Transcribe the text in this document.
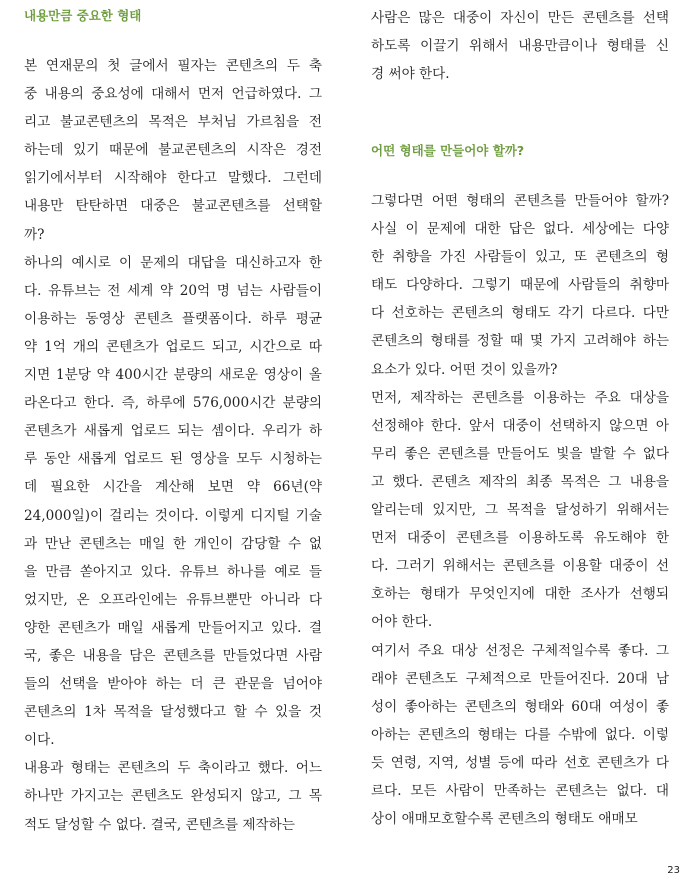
내용만큼 중요한 형태
본 연재문의 첫 글에서 필자는 콘텐츠의 두 축
중 내용의 중요성에 대해서 먼저 언급하였다. 그
리고 불교콘텐츠의 목적은 부처님 가르침을 전
하는데 있기 때문에 불교콘텐츠의 시작은 경전
읽기에서부터 시작해야 한다고 말했다. 그런데
내용만 탄탄하면 대중은 불교콘텐츠를 선택할
까?
하나의 예시로 이 문제의 대답을 대신하고자 한
다. 유튜브는 전 세계 약 20억 명 넘는 사람들이
이용하는 동영상 콘텐츠 플랫폼이다. 하루 평균
약 1억 개의 콘텐츠가 업로드 되고, 시간으로 따
지면 1분당 약 400시간 분량의 새로운 영상이 올
라온다고 한다. 즉, 하루에 576,000시간 분량의
콘텐츠가 새롭게 업로드 되는 셈이다. 우리가 하
루 동안 새롭게 업로드 된 영상을 모두 시청하는
데 필요한 시간을 계산해 보면 약 66년(약
24,000일)이 걸리는 것이다. 이렇게 디지털 기술
과 만난 콘텐츠는 매일 한 개인이 감당할 수 없
을 만큼 쏟아지고 있다. 유튜브 하나를 예로 들
었지만, 온 오프라인에는 유튜브뿐만 아니라 다
양한 콘텐츠가 매일 새롭게 만들어지고 있다. 결
국, 좋은 내용을 담은 콘텐츠를 만들었다면 사람
들의 선택을 받아야 하는 더 큰 관문을 넘어야
콘텐츠의 1차 목적을 달성했다고 할 수 있을 것
이다.
내용과 형태는 콘텐츠의 두 축이라고 했다. 어느
하나만 가지고는 콘텐츠도 완성되지 않고, 그 목
적도 달성할 수 없다. 결국, 콘텐츠를 제작하는
사람은 많은 대중이 자신이 만든 콘텐츠를 선택
하도록 이끌기 위해서 내용만큼이나 형태를 신
경 써야 한다.
어떤 형태를 만들어야 할까?
그렇다면 어떤 형태의 콘텐츠를 만들어야 할까?
사실 이 문제에 대한 답은 없다. 세상에는 다양
한 취향을 가진 사람들이 있고, 또 콘텐츠의 형
태도 다양하다. 그렇기 때문에 사람들의 취향마
다 선호하는 콘텐츠의 형태도 각기 다르다. 다만
콘텐츠의 형태를 정할 때 몇 가지 고려해야 하는
요소가 있다. 어떤 것이 있을까?
먼저, 제작하는 콘텐츠를 이용하는 주요 대상을
선정해야 한다. 앞서 대중이 선택하지 않으면 아
무리 좋은 콘텐츠를 만들어도 빛을 발할 수 없다
고 했다. 콘텐츠 제작의 최종 목적은 그 내용을
알리는데 있지만, 그 목적을 달성하기 위해서는
먼저 대중이 콘텐츠를 이용하도록 유도해야 한
다. 그러기 위해서는 콘텐츠를 이용할 대중이 선
호하는 형태가 무엇인지에 대한 조사가 선행되
어야 한다.
여기서 주요 대상 선정은 구체적일수록 좋다. 그
래야 콘텐츠도 구체적으로 만들어진다. 20대 남
성이 좋아하는 콘텐츠의 형태와 60대 여성이 좋
아하는 콘텐츠의 형태는 다를 수밖에 없다. 이렇
듯 연령, 지역, 성별 등에 따라 선호 콘텐츠가 다
르다. 모든 사람이 만족하는 콘텐츠는 없다. 대
상이 애매모호할수록 콘텐츠의 형태도 애매모
23
